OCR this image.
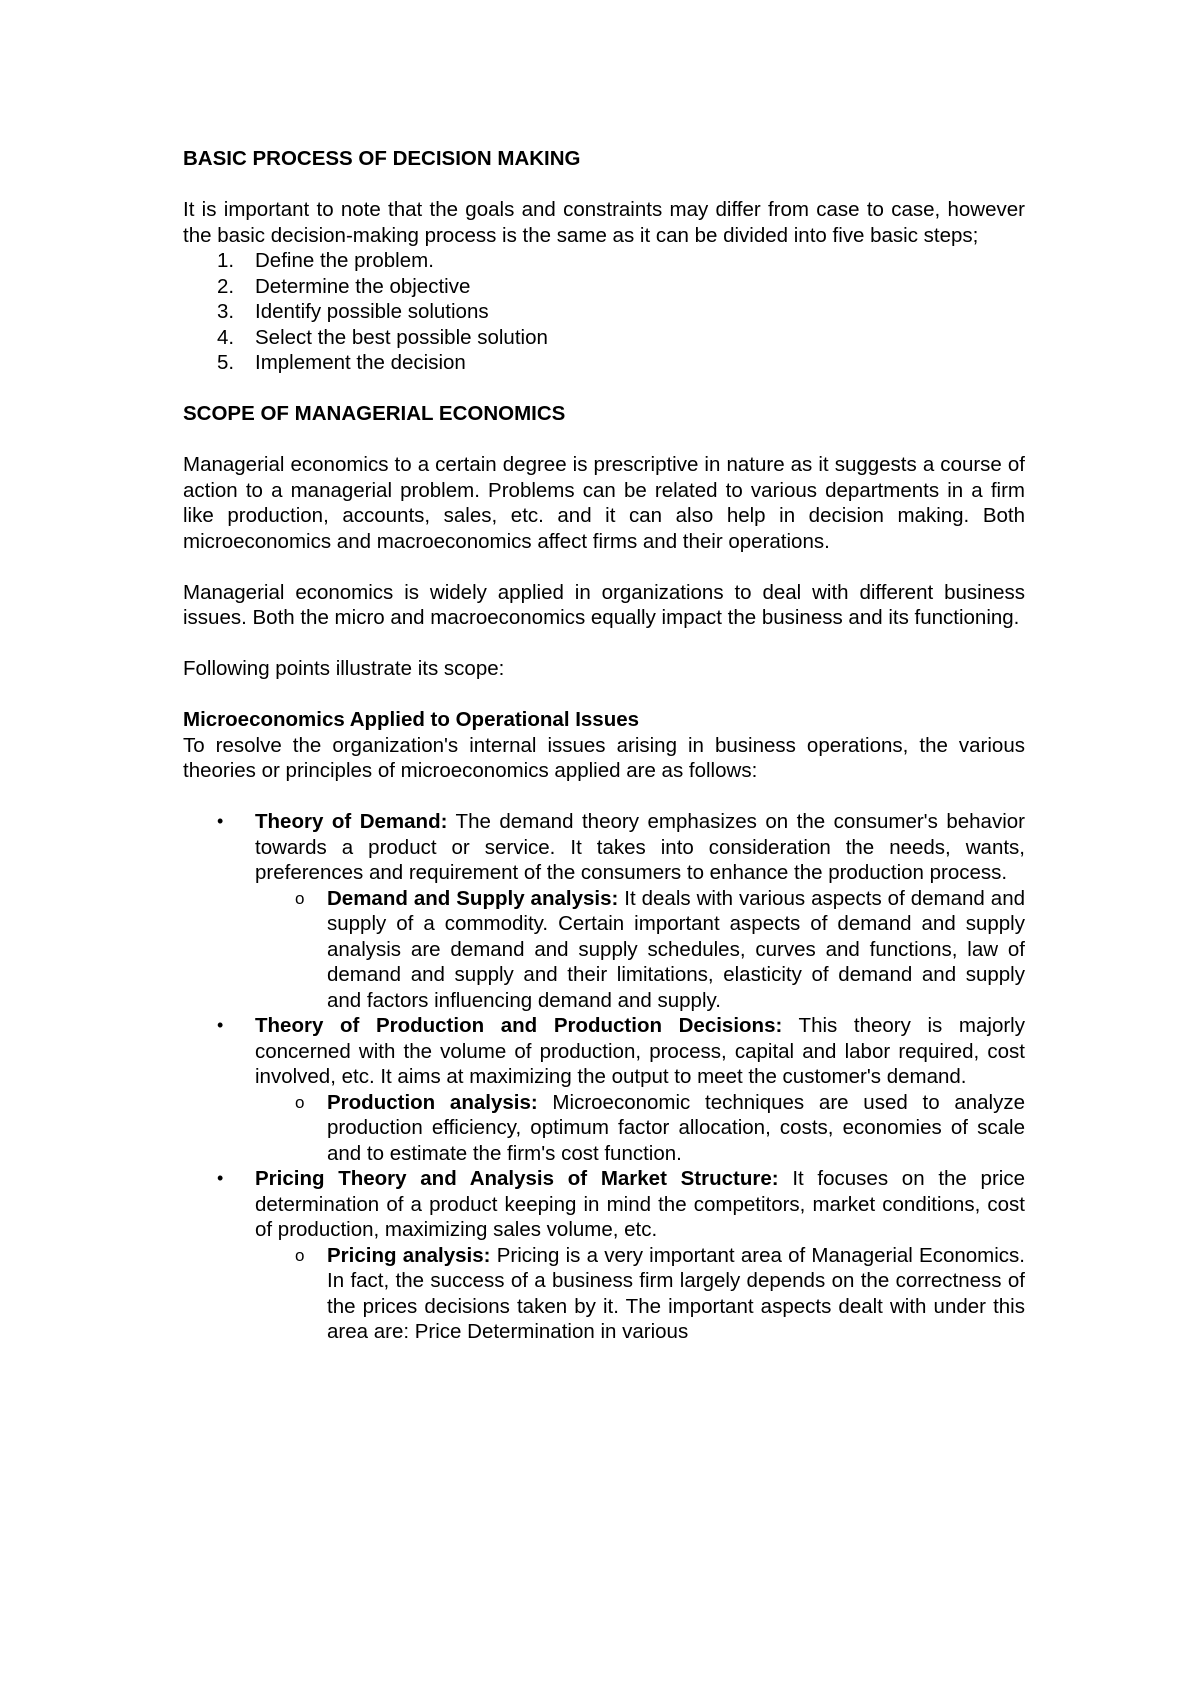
BASIC PROCESS OF DECISION MAKING

It is important to note that the goals and constraints may differ from case to case, however the basic decision-making process is the same as it can be divided into five basic steps;

1.	Define the problem.
2.	Determine the objective
3.	Identify possible solutions
4.	Select the best possible solution
5.	Implement the decision

SCOPE OF MANAGERIAL ECONOMICS

Managerial economics to a certain degree is prescriptive in nature as it suggests a course of action to a managerial problem. Problems can be related to various departments in a firm like production, accounts, sales, etc. and it can also help in decision making. Both microeconomics and macroeconomics affect firms and their operations.

Managerial economics is widely applied in organizations to deal with different business issues. Both the micro and macroeconomics equally impact the business and its functioning.

Following points illustrate its scope:

Microeconomics Applied to Operational Issues

To resolve the organization's internal issues arising in business operations, the various theories or principles of microeconomics applied are as follows:

•	Theory of Demand: The demand theory emphasizes on the consumer's behavior towards a product or service. It takes into consideration the needs, wants, preferences and requirement of the consumers to enhance the production process.
o Demand and Supply analysis: It deals with various aspects of demand and supply of a commodity. Certain important aspects of demand and supply analysis are demand and supply schedules, curves and functions, law of demand and supply and their limitations, elasticity of demand and supply and factors influencing demand and supply.
•	Theory of Production and Production Decisions: This theory is majorly concerned with the volume of production, process, capital and labor required, cost involved, etc. It aims at maximizing the output to meet the customer's demand.
o Production analysis: Microeconomic techniques are used to analyze production efficiency, optimum factor allocation, costs, economies of scale and to estimate the firm's cost function.
•	Pricing Theory and Analysis of Market Structure: It focuses on the price determination of a product keeping in mind the competitors, market conditions, cost of production, maximizing sales volume, etc.
o Pricing analysis: Pricing is a very important area of Managerial Economics. In fact, the success of a business firm largely depends on the correctness of the prices decisions taken by it. The important aspects dealt with under this area are: Price Determination in various
